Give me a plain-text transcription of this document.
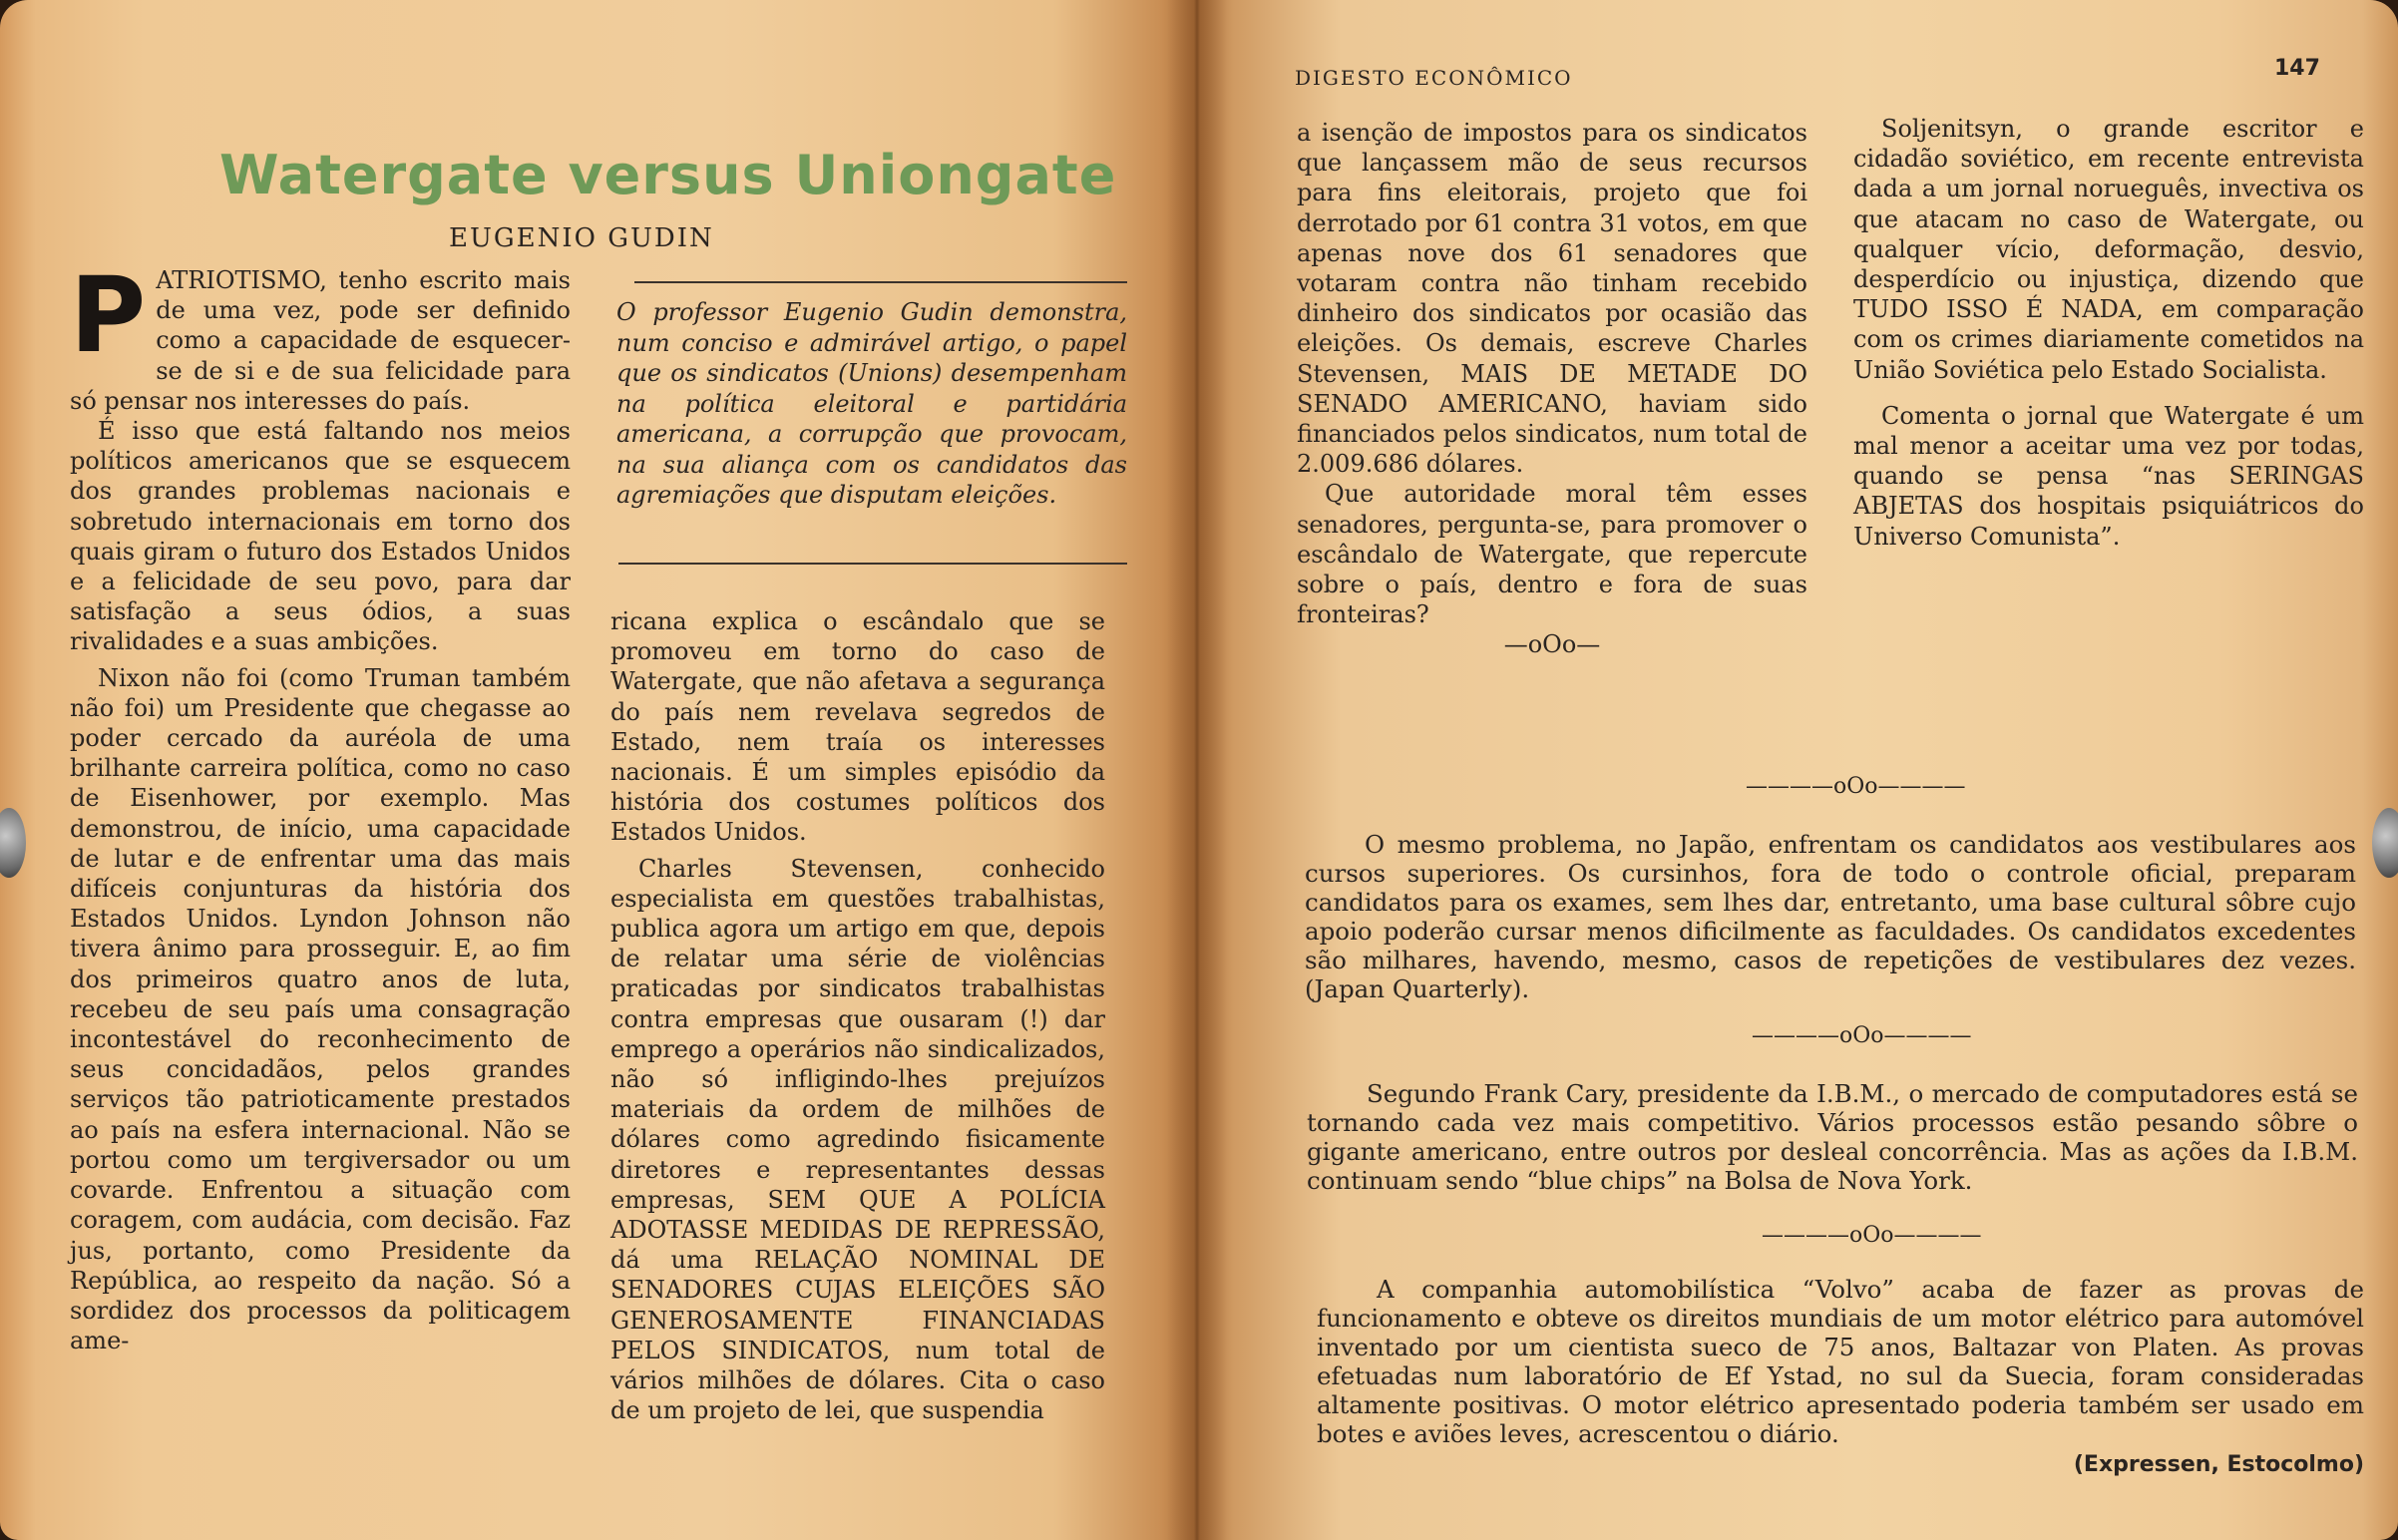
Watergate versus Uniongate
EUGENIO GUDIN

PATRIOTISMO, tenho escrito mais de uma vez, pode ser definido como a capacidade de esquecer-se de si e de sua felicidade para só pensar nos interesses do país.

É isso que está faltando nos meios políticos americanos que se esquecem dos grandes problemas nacionais e sobretudo internacionais em torno dos quais giram o futuro dos Estados Unidos e a felicidade de seu povo, para dar satisfação a seus ódios, a suas rivalidades e a suas ambições.

Nixon não foi (como Truman também não foi) um Presidente que chegasse ao poder cercado da auréola de uma brilhante carreira política, como no caso de Eisenhower, por exemplo. Mas demonstrou, de início, uma capacidade de lutar e de enfrentar uma das mais difíceis conjunturas da história dos Estados Unidos. Lyndon Johnson não tivera ânimo para prosseguir. E, ao fim dos primeiros quatro anos de luta, recebeu de seu país uma consagração incontestável do reconhecimento de seus concidadãos, pelos grandes serviços tão patrioticamente prestados ao país na esfera internacional. Não se portou como um tergiversador ou um covarde. Enfrentou a situação com coragem, com audácia, com decisão. Faz jus, portanto, como Presidente da República, ao respeito da nação. Só a sordidez dos processos da politicagem ame-

O professor Eugenio Gudin demonstra, num conciso e admirável artigo, o papel que os sindicatos (Unions) desempenham na política eleitoral e partidária americana, a corrupção que provocam, na sua aliança com os candidatos das agremiações que disputam eleições.

ricana explica o escândalo que se promoveu em torno do caso de Watergate, que não afetava a segurança do país nem revelava segredos de Estado, nem traía os interesses nacionais. É um simples episódio da história dos costumes políticos dos Estados Unidos.

Charles Stevensen, conhecido especialista em questões trabalhistas, publica agora um artigo em que, depois de relatar uma série de violências praticadas por sindicatos trabalhistas contra empresas que ousaram (!) dar emprego a operários não sindicalizados, não só infligindo-lhes prejuízos materiais da ordem de milhões de dólares como agredindo fisicamente diretores e representantes dessas empresas, SEM QUE A POLÍCIA ADOTASSE MEDIDAS DE REPRESSÃO, dá uma RELAÇÃO NOMINAL DE SENADORES CUJAS ELEIÇÕES SÃO GENEROSAMENTE FINANCIADAS PELOS SINDICATOS, num total de vários milhões de dólares. Cita o caso de um projeto de lei, que suspendia

DIGESTO ECONÔMICO	147

a isenção de impostos para os sindicatos que lançassem mão de seus recursos para fins eleitorais, projeto que foi derrotado por 61 contra 31 votos, em que apenas nove dos 61 senadores que votaram contra não tinham recebido dinheiro dos sindicatos por ocasião das eleições. Os demais, escreve Charles Stevensen, MAIS DE METADE DO SENADO AMERICANO, haviam sido financiados pelos sindicatos, num total de 2.009.686 dólares.

Que autoridade moral têm esses senadores, pergunta-se, para promover o escândalo de Watergate, que repercute sobre o país, dentro e fora de suas fronteiras?

—oOo—

Soljenitsyn, o grande escritor e cidadão soviético, em recente entrevista dada a um jornal norueguês, invectiva os que atacam no caso de Watergate, ou qualquer vício, deformação, desvio, desperdício ou injustiça, dizendo que TUDO ISSO É NADA, em comparação com os crimes diariamente cometidos na União Soviética pelo Estado Socialista.

Comenta o jornal que Watergate é um mal menor a aceitar uma vez por todas, quando se pensa “nas SERINGAS ABJETAS dos hospitais psiquiátricos do Universo Comunista”.

————oOo————

O mesmo problema, no Japão, enfrentam os candidatos aos vestibulares aos cursos superiores. Os cursinhos, fora de todo o controle oficial, preparam candidatos para os exames, sem lhes dar, entretanto, uma base cultural sôbre cujo apoio poderão cursar menos dificilmente as faculdades. Os candidatos excedentes são milhares, havendo, mesmo, casos de repetições de vestibulares dez vezes. (Japan Quarterly).

————oOo————

Segundo Frank Cary, presidente da I.B.M., o mercado de computadores está se tornando cada vez mais competitivo. Vários processos estão pesando sôbre o gigante americano, entre outros por desleal concorrência. Mas as ações da I.B.M. continuam sendo “blue chips” na Bolsa de Nova York.

————oOo————

A companhia automobilística “Volvo” acaba de fazer as provas de funcionamento e obteve os direitos mundiais de um motor elétrico para automóvel inventado por um cientista sueco de 75 anos, Baltazar von Platen. As provas efetuadas num laboratório de Ef Ystad, no sul da Suecia, foram consideradas altamente positivas. O motor elétrico apresentado poderia também ser usado em botes e aviões leves, acrescentou o diário.

(Expressen, Estocolmo)
